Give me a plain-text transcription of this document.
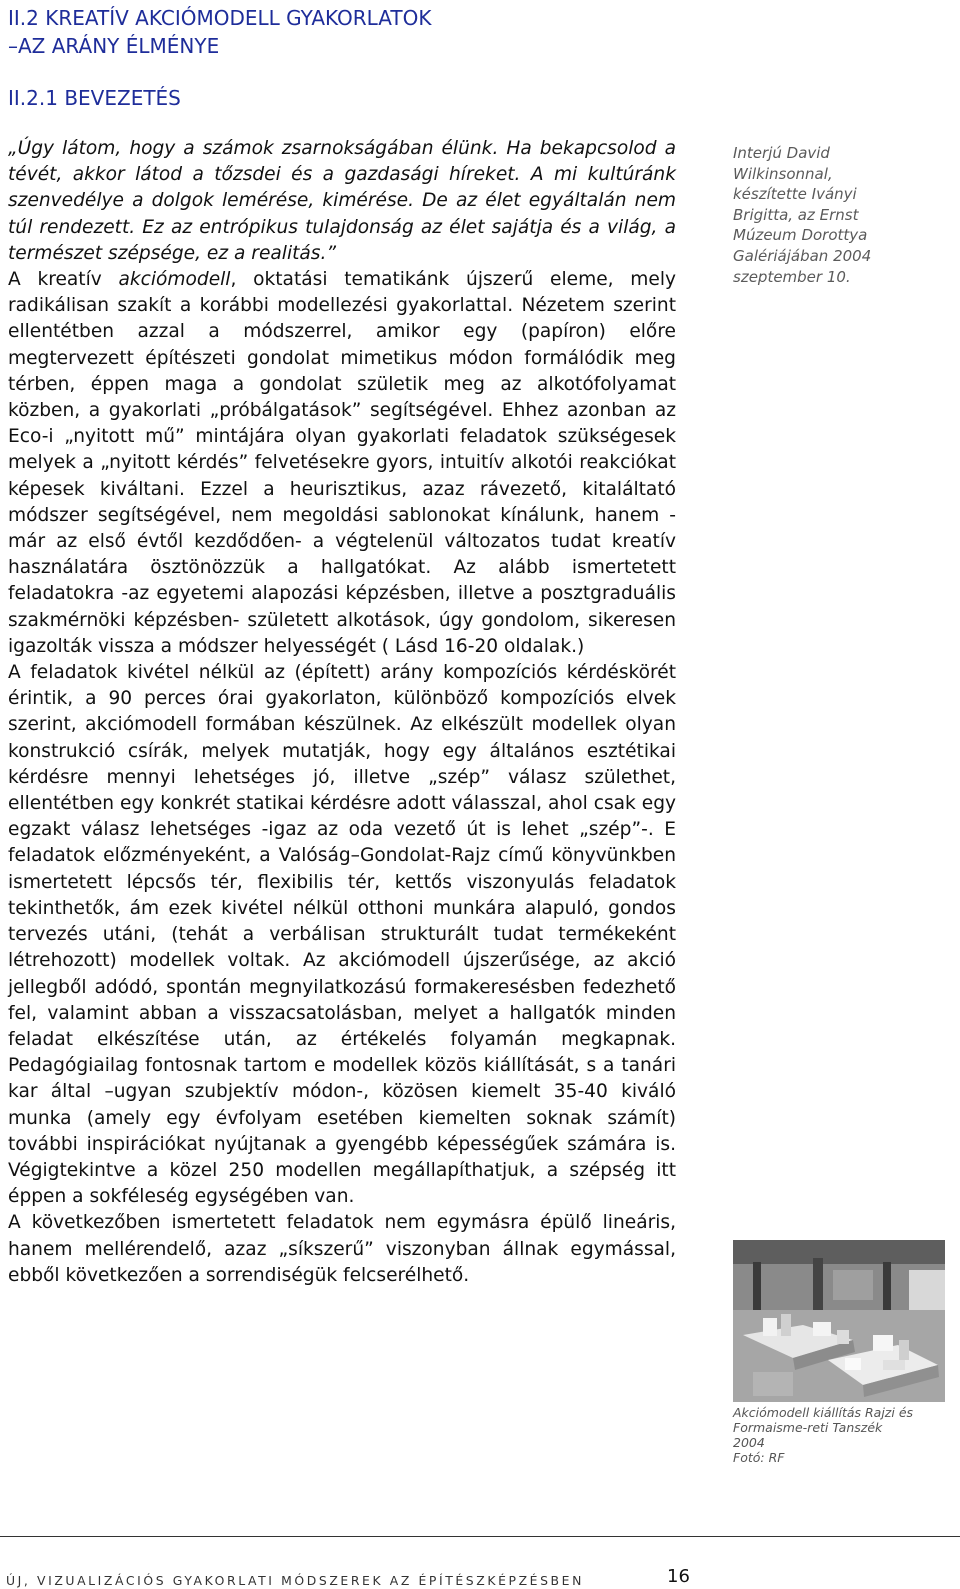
II.2 KREATÍV AKCIÓMODELL GYAKORLATOK
–AZ ARÁNY ÉLMÉNYE
II.2.1 BEVEZETÉS

„Úgy látom, hogy a számok zsarnokságában élünk. Ha bekapcsolod a tévét, akkor látod a tőzsdei és a gazdasági híreket. A mi kultúránk szenvedélye a dolgok lemérése, kimérése. De az élet egyáltalán nem túl rendezett. Ez az entrópikus tulajdonság az élet sajátja és a világ, a természet szépsége, ez a realitás.”

A kreatív akciómodell, oktatási tematikánk újszerű eleme, mely radikálisan szakít a korábbi modellezési gyakorlattal. Nézetem szerint ellentétben azzal a módszerrel, amikor egy (papíron) előre megtervezett építészeti gondolat mimetikus módon formálódik meg térben, éppen maga a gondolat születik meg az alkotófolyamat közben, a gyakorlati „próbálgatások” segítségével. Ehhez azonban az Eco-i „nyitott mű” mintájára olyan gyakorlati feladatok szükségesek melyek a „nyitott kérdés” felvetésekre gyors, intuitív alkotói reakciókat képesek kiváltani. Ezzel a heurisztikus, azaz rávezető, kitaláltató módszer segítségével, nem megoldási sablonokat kínálunk, hanem -már az első évtől kezdődően- a végtelenül változatos tudat kreatív használatára ösztönözzük a hallgatókat. Az alább ismertetett feladatokra -az egyetemi alapozási képzésben, illetve a posztgraduális szakmérnöki képzésben- született alkotások, úgy gondolom, sikeresen igazolták vissza a módszer helyességét ( Lásd 16-20 oldalak.)

A feladatok kivétel nélkül az (épített) arány kompozíciós kérdéskörét érintik, a 90 perces órai gyakorlaton, különböző kompozíciós elvek szerint, akciómodell formában készülnek. Az elkészült modellek olyan konstrukció csírák, melyek mutatják, hogy egy általános esztétikai kérdésre mennyi lehetséges jó, illetve „szép” válasz születhet, ellentétben egy konkrét statikai kérdésre adott válasszal, ahol csak egy egzakt válasz lehetséges -igaz az oda vezető út is lehet „szép”-. E feladatok előzményeként, a Valóság–Gondolat-Rajz című könyvünkben ismertetett lépcsős tér, flexibilis tér, kettős viszonyulás feladatok tekinthetők, ám ezek kivétel nélkül otthoni munkára alapuló, gondos tervezés utáni, (tehát a verbálisan strukturált tudat termékeként létrehozott) modellek voltak. Az akciómodell újszerűsége, az akció jellegből adódó, spontán megnyilatkozású formakeresésben fedezhető fel, valamint abban a visszacsatolásban, melyet a hallgatók minden feladat elkészítése után, az értékelés folyamán megkapnak. Pedagógiailag fontosnak tartom e modellek közös kiállítását, s a tanári kar által –ugyan szubjektív módon-, közösen kiemelt 35-40 kiváló munka (amely egy évfolyam esetében kiemelten soknak számít) további inspirációkat nyújtanak a gyengébb képességűek számára is. Végigtekintve a közel 250 modellen megállapíthatjuk, a szépség itt éppen a sokféleség egységében van.

A következőben ismertetett feladatok nem egymásra épülő lineáris, hanem mellérendelő, azaz „síkszerű” viszonyban állnak egymással, ebből következően a sorrendiségük felcserélhető.

Interjú David
Wilkinsonnal,
készítette Iványi
Brigitta, az Ernst
Múzeum Dorottya
Galériájában 2004
szeptember 10.
Akciómodell kiállítás Rajzi és
Formaisme-reti Tanszék
2004
Fotó: RF
ÚJ, VIZUALIZÁCIÓS GYAKORLATI MÓDSZEREK AZ ÉPÍTÉSZKÉPZÉSBEN	16
